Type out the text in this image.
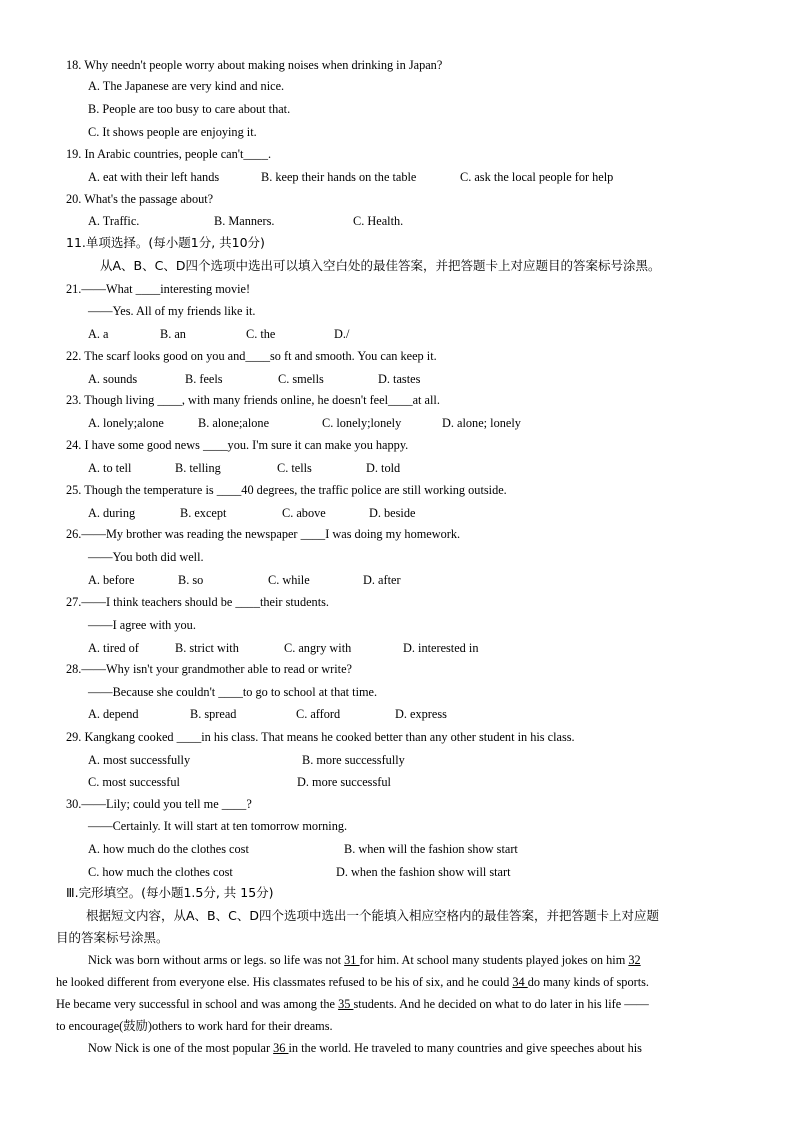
18. Why needn't people worry about making noises when drinking in Japan?
A. The Japanese are very kind and nice.
B. People are too busy to care about that.
C. It shows people are enjoying it.
19. In Arabic countries, people can't____.
A. eat with their left hands	B. keep their hands on the table	C. ask the local people for help
20. What's the passage about?
A. Traffic.	B. Manners.	C. Health.
11.单项选择。(每小题1分, 共10分)
从A、B、C、D四个选项中选出可以填入空白处的最佳答案，并把答题卡上对应题目的答案标号涂黑。
21.——What ____interesting movie!
——Yes. All of my friends like it.
A. a	B. an	C. the	D./
22. The scarf looks good on you and____so ft and smooth. You can keep it.
A. sounds	B. feels	C. smells	D. tastes
23. Though living ____, with many friends online, he doesn't feel____at all.
A. lonely;alone	B. alone;alone	C. lonely;lonely	D. alone; lonely
24. I have some good news ____you. I'm sure it can make you happy.
A. to tell	B. telling	C. tells	D. told
25. Though the temperature is ____40 degrees, the traffic police are still working outside.
A. during	B. except	C. above	D. beside
26.——My brother was reading the newspaper ____I was doing my homework.
——You both did well.
A. before	B. so	C. while	D. after
27.——I think teachers should be ____their students.
——I agree with you.
A. tired of	B. strict with	C. angry with	D. interested in
28.——Why isn't your grandmother able to read or write?
——Because she couldn't ____to go to school at that time.
A. depend	B. spread	C. afford	D. express
29. Kangkang cooked ____in his class. That means he cooked better than any other student in his class.
A. most successfully	B. more successfully
C. most successful	D. more successful
30.——Lily; could you tell me ____?
——Certainly. It will start at ten tomorrow morning.
A. how much do the clothes cost	B. when will the fashion show start
C. how much the clothes cost	D. when the fashion show will start
Ⅲ.完形填空。(每小题1.5分, 共 15分)
根据短文内容，从A、B、C、D四个选项中选出一个能填入相应空格内的最佳答案，并把答题卡上对应题
目的答案标号涂黑。
Nick was born without arms or legs. so life was not 31 for him. At school many students played jokes on him 32
he looked different from everyone else. His classmates refused to be his of six, and he could 34 do many kinds of sports.
He became very successful in school and was among the 35 students. And he decided on what to do later in his life ——
to encourage(鼓励)others to work hard for their dreams.
Now Nick is one of the most popular 36 in the world. He traveled to many countries and give speeches about his
